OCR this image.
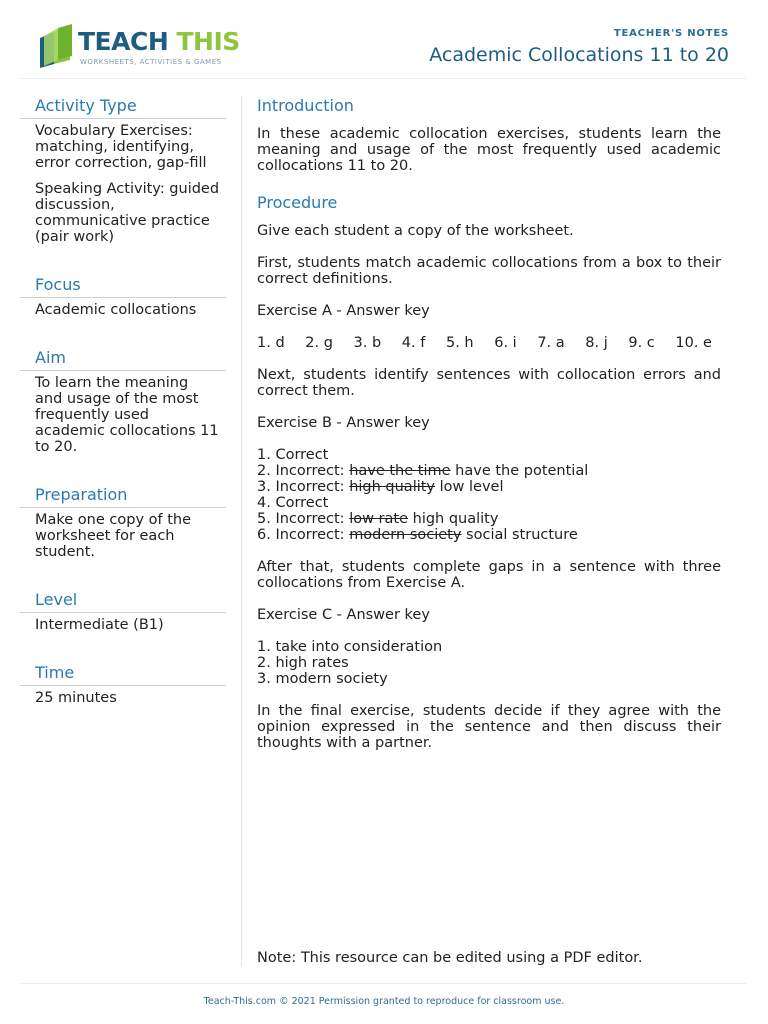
TEACH THIS
WORKSHEETS, ACTIVITIES & GAMES
TEACHER'S NOTES
Academic Collocations 11 to 20
Activity Type

Vocabulary Exercises: matching, identifying, error correction, gap-fill

Speaking Activity: guided discussion, communicative practice (pair work)

Focus

Academic collocations

Aim

To learn the meaning and usage of the most frequently used academic collocations 11 to 20.

Preparation

Make one copy of the worksheet for each student.

Level

Intermediate (B1)

Time

25 minutes

Introduction

In these academic collocation exercises, students learn the meaning and usage of the most frequently used academic collocations 11 to 20.

Procedure

Give each student a copy of the worksheet.

First, students match academic collocations from a box to their correct definitions.

Exercise A - Answer key

1. d 2. g 3. b 4. f 5. h 6. i 7. a 8. j 9. c 10. e

Next, students identify sentences with collocation errors and correct them.

Exercise B - Answer key

1. Correct

2. Incorrect: have the time have the potential

3. Incorrect: high quality low level

4. Correct

5. Incorrect: low rate high quality

6. Incorrect: modern society social structure

After that, students complete gaps in a sentence with three collocations from Exercise A.

Exercise C - Answer key

1. take into consideration

2. high rates

3. modern society

In the final exercise, students decide if they agree with the opinion expressed in the sentence and then discuss their thoughts with a partner.

Note: This resource can be edited using a PDF editor.

Teach-This.com © 2021 Permission granted to reproduce for classroom use.
